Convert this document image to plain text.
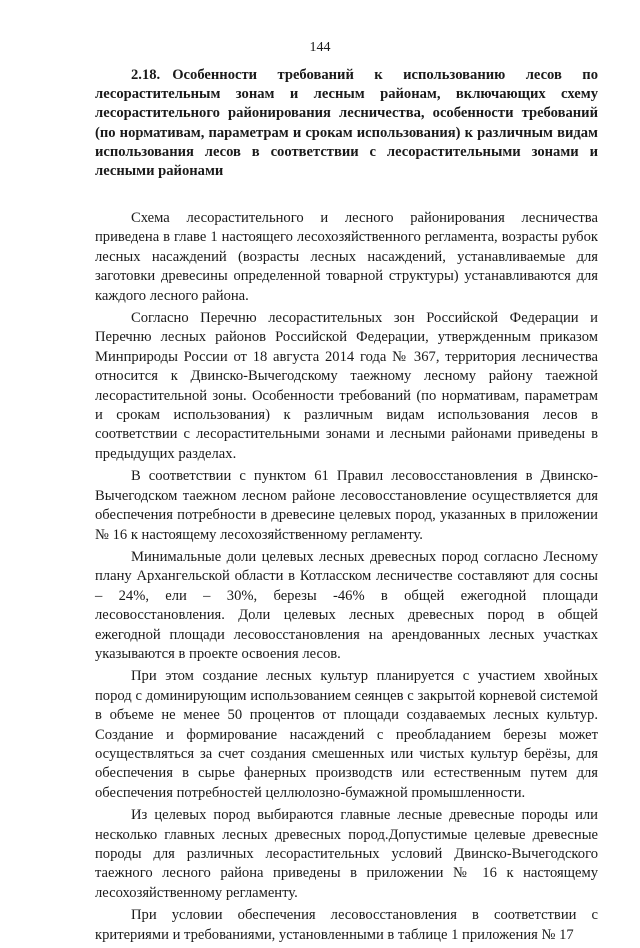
144
2.18. Особенности требований к использованию лесов по лесорастительным зонам и лесным районам, включающих схему лесорастительного районирования лесничества, особенности требований (по нормативам, параметрам и срокам использования) к различным видам использования лесов в соответствии с лесорастительными зонами и лесными районами

Схема лесорастительного и лесного районирования лесничества приведена в главе 1 настоящего лесохозяйственного регламента, возрасты рубок лесных насаждений (возрасты лесных насаждений, устанавливаемые для заготовки древесины определенной товарной структуры) устанавливаются для каждого лесного района.

Согласно Перечню лесорастительных зон Российской Федерации и Перечню лесных районов Российской Федерации, утвержденным приказом Минприроды России от 18 августа 2014 года № 367, территория лесничества относится к Двинско-Вычегодскому таежному лесному району таежной лесорастительной зоны. Особенности требований (по нормативам, параметрам и срокам использования) к различным видам использования лесов в соответствии с лесорастительными зонами и лесными районами приведены в предыдущих разделах.

В соответствии с пунктом 61 Правил лесовосстановления в Двинско-Вычегодском таежном лесном районе лесовосстановление осуществляется для обеспечения потребности в древесине целевых пород, указанных в приложении № 16 к настоящему лесохозяйственному регламенту.

Минимальные доли целевых лесных древесных пород согласно Лесному плану Архангельской области в Котласском лесничестве составляют для сосны – 24%, ели – 30%, березы -46% в общей ежегодной площади лесовосстановления. Доли целевых лесных древесных пород в общей ежегодной площади лесовосстановления на арендованных лесных участках указываются в проекте освоения лесов.

При этом создание лесных культур планируется с участием хвойных пород с доминирующим использованием сеянцев с закрытой корневой системой в объеме не менее 50 процентов от площади создаваемых лесных культур. Создание и формирование насаждений с преобладанием березы может осуществляться за счет создания смешенных или чистых культур берёзы, для обеспечения в сырье фанерных производств или естественным путем для обеспечения потребностей целлюлозно-бумажной промышленности.

Из целевых пород выбираются главные лесные древесные породы или несколько главных лесных древесных пород.Допустимые целевые древесные породы для различных лесорастительных условий Двинско-Вычегодского таежного лесного района приведены в приложении № 16 к настоящему лесохозяйственному регламенту.

При условии обеспечения лесовосстановления в соответствии с критериями и требованиями, установленными в таблице 1 приложения № 17
